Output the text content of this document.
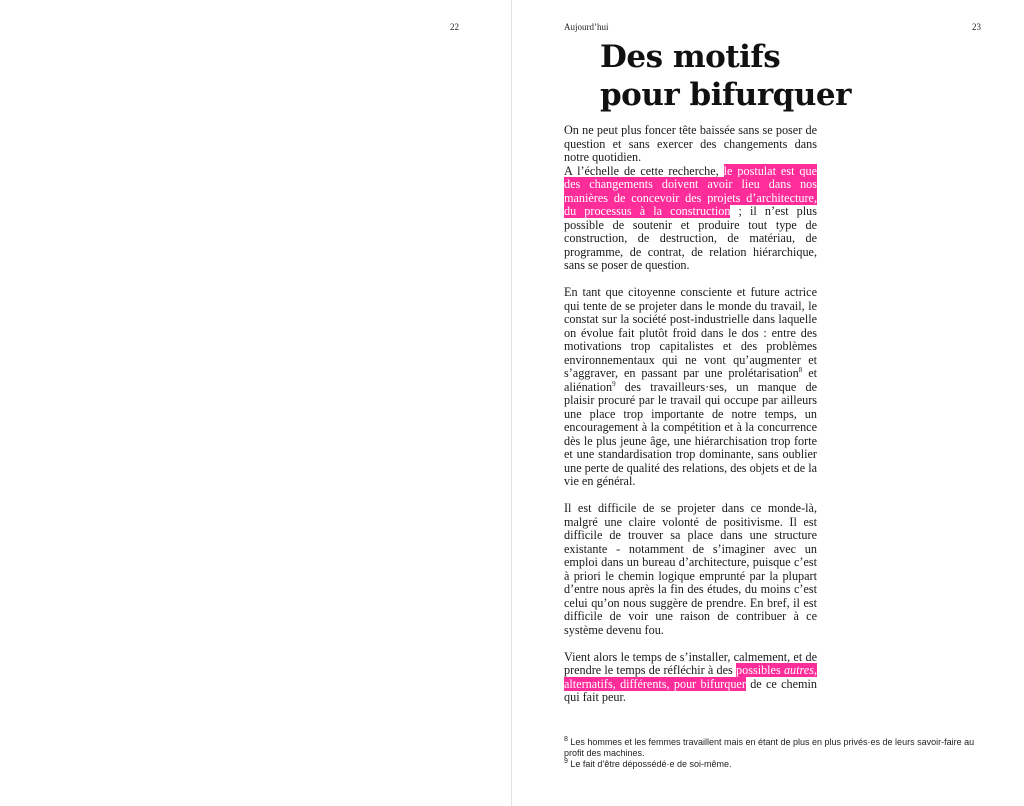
22	Aujourd’hui	23
Des motifs
pour bifurquer

On ne peut plus foncer tête baissée sans se poser de question et sans exercer des changements dans notre quotidien.

A l’échelle de cette recherche, le postulat est que des changements doivent avoir lieu dans nos manières de concevoir des projets d’architecture, du processus à la construction ; il n’est plus possible de soutenir et produire tout type de construction, de destruction, de matériau, de programme, de contrat, de relation hiérarchique, sans se poser de question.

En tant que citoyenne consciente et future actrice qui tente de se projeter dans le monde du travail, le constat sur la société post-industrielle dans laquelle on évolue fait plutôt froid dans le dos : entre des motivations trop capitalistes et des problèmes environnementaux qui ne vont qu’augmenter et s’aggraver, en passant par une prolétarisation$^8$ et aliénation$^9$ des travailleurs·ses, un manque de plaisir procuré par le travail qui occupe par ailleurs une place trop importante de notre temps, un encouragement à la compétition et à la concurrence dès le plus jeune âge, une hiérarchisation trop forte et une standardisation trop dominante, sans oublier une perte de qualité des relations, des objets et de la vie en général.

Il est difficile de se projeter dans ce monde-là, malgré une claire volonté de positivisme. Il est difficile de trouver sa place dans une structure existante - notamment de s’imaginer avec un emploi dans un bureau d’architecture, puisque c’est à priori le chemin logique emprunté par la plupart d’entre nous après la fin des études, du moins c’est celui qu’on nous suggère de prendre. En bref, il est difficile de voir une raison de contribuer à ce système devenu fou.

Vient alors le temps de s’installer, calmement, et de prendre le temps de réfléchir à des possibles autres, alternatifs, différents, pour bifurquer de ce chemin qui fait peur.

$^8$ Les hommes et les femmes travaillent mais en étant de plus en plus privés·es de leurs savoir-faire au profit des machines.

$^9$ Le fait d’être dépossédé·e de soi-même.
